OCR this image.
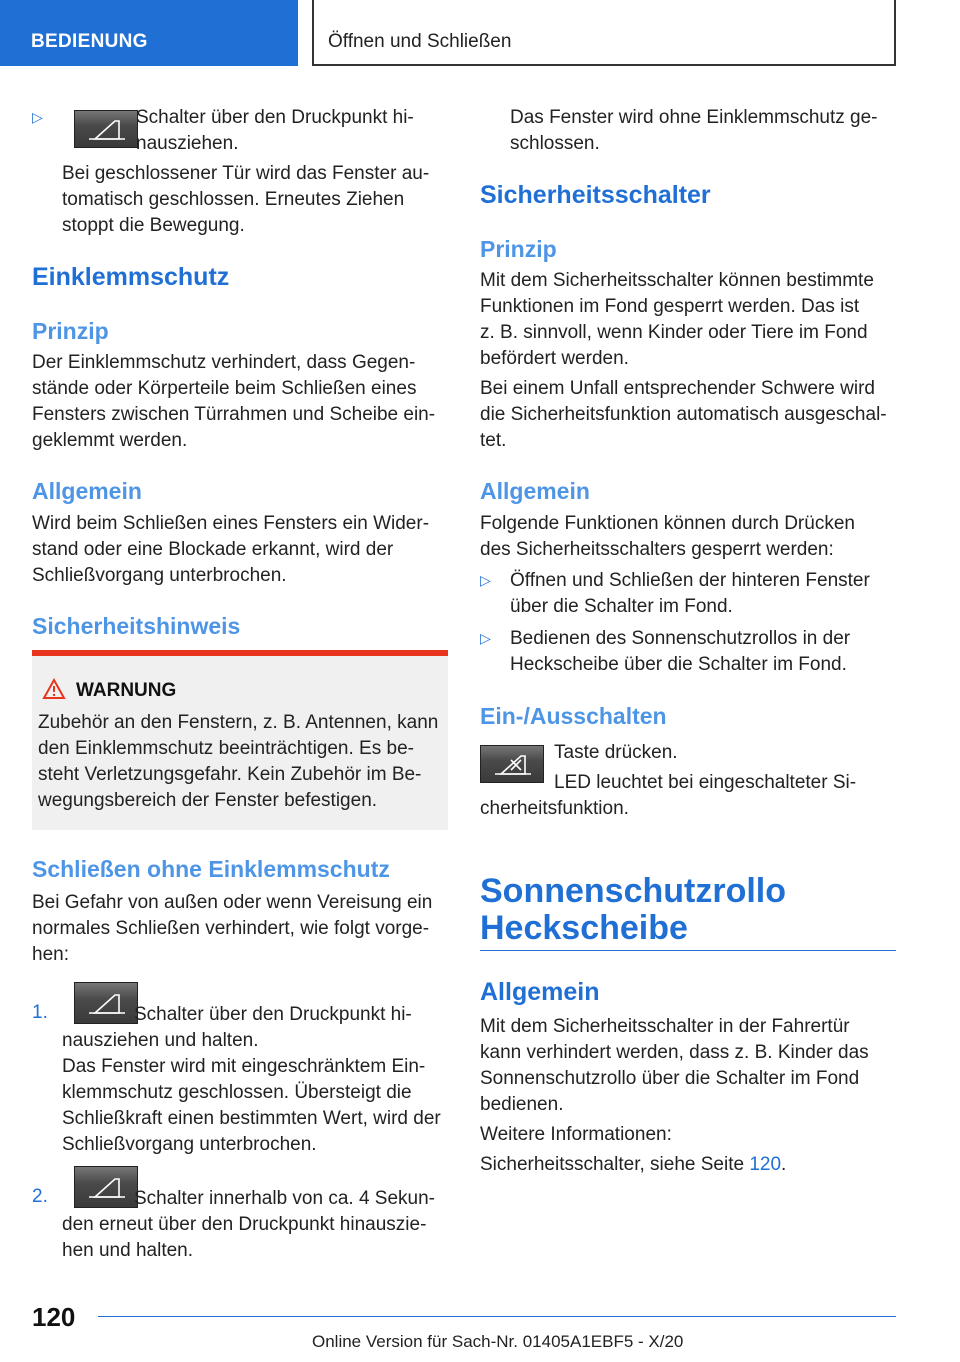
BEDIENUNG	Öffnen und Schließen
▷	Schalter über den Druckpunkt hi-

nausziehen.

Bei geschlossener Tür wird das Fenster au-

tomatisch geschlossen. Erneutes Ziehen

stoppt die Bewegung.

Einklemmschutz
Prinzip

Der Einklemmschutz verhindert, dass Gegen-

stände oder Körperteile beim Schließen eines

Fensters zwischen Türrahmen und Scheibe ein-

geklemmt werden.

Allgemein

Wird beim Schließen eines Fensters ein Wider-

stand oder eine Blockade erkannt, wird der

Schließvorgang unterbrochen.

Sicherheitshinweis
WARNUNG

Zubehör an den Fenstern, z. B. Antennen, kann

den Einklemmschutz beeinträchtigen. Es be-

steht Verletzungsgefahr. Kein Zubehör im Be-

wegungsbereich der Fenster befestigen.

Schließen ohne Einklemmschutz

Bei Gefahr von außen oder wenn Vereisung ein

normales Schließen verhindert, wie folgt vorge-

hen:

1.	Schalter über den Druckpunkt hi-

nausziehen und halten.

Das Fenster wird mit eingeschränktem Ein-

klemmschutz geschlossen. Übersteigt die

Schließkraft einen bestimmten Wert, wird der

Schließvorgang unterbrochen.

2.	Schalter innerhalb von ca. 4 Sekun-

den erneut über den Druckpunkt hinauszie-

hen und halten.

Das Fenster wird ohne Einklemmschutz ge-

schlossen.

Sicherheitsschalter
Prinzip

Mit dem Sicherheitsschalter können bestimmte

Funktionen im Fond gesperrt werden. Das ist

z. B. sinnvoll, wenn Kinder oder Tiere im Fond

befördert werden.

Bei einem Unfall entsprechender Schwere wird

die Sicherheitsfunktion automatisch ausgeschal-

tet.

Allgemein

Folgende Funktionen können durch Drücken

des Sicherheitsschalters gesperrt werden:

▷ Öffnen und Schließen der hinteren Fenster

über die Schalter im Fond.

▷ Bedienen des Sonnenschutzrollos in der

Heckscheibe über die Schalter im Fond.

Ein-/Ausschalten

Taste drücken.

LED leuchtet bei eingeschalteter Si-

cherheitsfunktion.

Sonnenschutzrollo
Heckscheibe
Allgemein

Mit dem Sicherheitsschalter in der Fahrertür

kann verhindert werden, dass z. B. Kinder das

Sonnenschutzrollo über die Schalter im Fond

bedienen.

Weitere Informationen:

Sicherheitsschalter, siehe Seite 120.

120
Online Version für Sach-Nr. 01405A1EBF5 - X/20
